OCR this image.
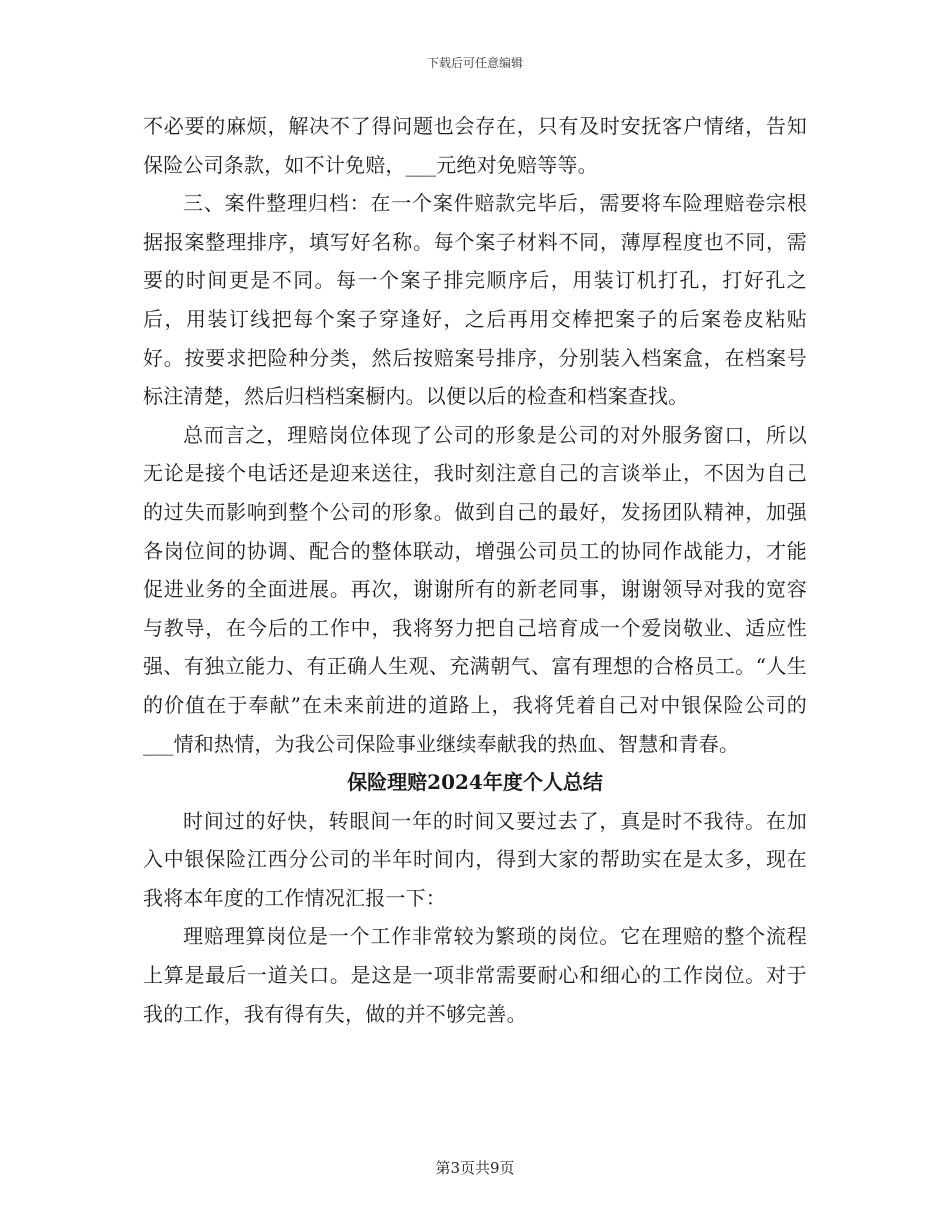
下载后可任意编辑

不必要的麻烦，解决不了得问题也会存在，只有及时安抚客户情绪，告知保险公司条款，如不计免赔，___元绝对免赔等等。

三、案件整理归档：在一个案件赔款完毕后，需要将车险理赔卷宗根据报案整理排序，填写好名称。每个案子材料不同，薄厚程度也不同，需要的时间更是不同。每一个案子排完顺序后，用装订机打孔，打好孔之后，用装订线把每个案子穿逢好，之后再用交棒把案子的后案卷皮粘贴好。按要求把险种分类，然后按赔案号排序，分别装入档案盒，在档案号标注清楚，然后归档档案橱内。以便以后的检查和档案查找。

总而言之，理赔岗位体现了公司的形象是公司的对外服务窗口，所以无论是接个电话还是迎来送往，我时刻注意自己的言谈举止，不因为自己的过失而影响到整个公司的形象。做到自己的最好，发扬团队精神，加强各岗位间的协调、配合的整体联动，增强公司员工的协同作战能力，才能促进业务的全面进展。再次，谢谢所有的新老同事，谢谢领导对我的宽容与教导，在今后的工作中，我将努力把自己培育成一个爱岗敬业、适应性强、有独立能力、有正确人生观、充满朝气、富有理想的合格员工。“人生的价值在于奉献”在未来前进的道路上，我将凭着自己对中银保险公司的___情和热情，为我公司保险事业继续奉献我的热血、智慧和青春。

保险理赔2024年度个人总结

时间过的好快，转眼间一年的时间又要过去了，真是时不我待。在加入中银保险江西分公司的半年时间内，得到大家的帮助实在是太多，现在我将本年度的工作情况汇报一下：

理赔理算岗位是一个工作非常较为繁琐的岗位。它在理赔的整个流程上算是最后一道关口。是这是一项非常需要耐心和细心的工作岗位。对于我的工作，我有得有失，做的并不够完善。

第3页共9页
